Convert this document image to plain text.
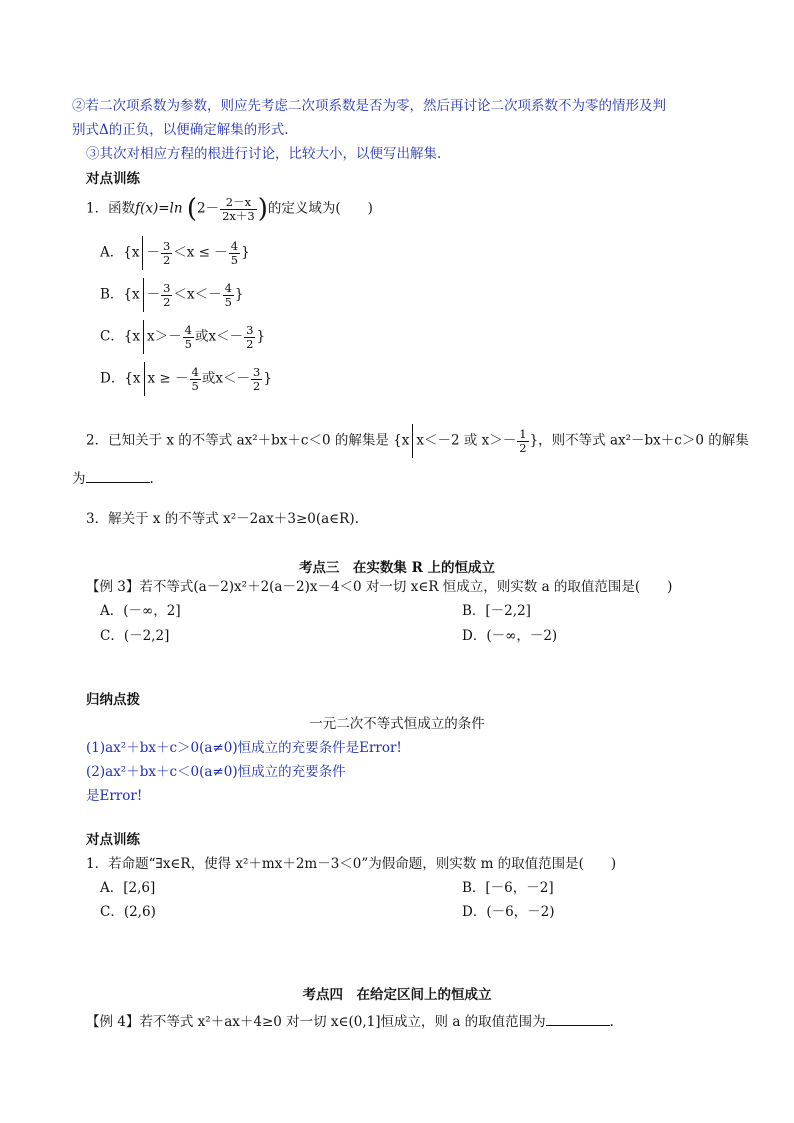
②若二次项系数为参数，则应先考虑二次项系数是否为零，然后再讨论二次项系数不为零的情形及判
别式Δ的正负，以便确定解集的形式.
③其次对相应方程的根进行讨论，比较大小，以便写出解集.
对点训练
1．函数f(x)=ln ($2- \frac{2-x}{2x+3}$ )的定义域为(　　)
A．{$x - \frac{3}{2} <x$ ≤ － $\frac{4}{5}$ }
B．{$x - \frac{3}{2} <x<- \frac{4}{5}$ }
C．{x $x>- \frac{4}{5}$ 或$x<- \frac{3}{2}$ }
D．{x x ≥ － $\frac{4}{5}$ 或$x<- \frac{3}{2}$ }
2．已知关于 x 的不等式 ax²＋bx＋c＜0 的解集是 {x x＜－2 或 $x>- \frac{1}{2}$ }，则不等式 ax²－bx＋c＞0 的解集
为	.
3．解关于 x 的不等式 x²－2ax＋3≥0(a∈R).
考点三　在实数集 R 上的恒成立
【例 3】若不等式(a－2)x²＋2(a－2)x－4＜0 对一切 x∈R 恒成立，则实数 a 的取值范围是(　　)
A．(－∞，2]	B．[－2,2]
C．(－2,2]	D．(－∞，－2)
归纳点拨
一元二次不等式恒成立的条件
(1)ax²＋bx＋c＞0(a≠0)恒成立的充要条件是Error!
(2)ax²＋bx＋c＜0(a≠0)恒成立的充要条件
是Error!
对点训练
1．若命题“∃x∈R，使得 x²＋mx＋2m－3＜0”为假命题，则实数 m 的取值范围是(　　)
A．[2,6]	B．[－6，－2]
C．(2,6)	D．(－6，－2)
考点四　在给定区间上的恒成立
【例 4】若不等式 x²＋ax＋4≥0 对一切 x∈(0,1]恒成立，则 a 的取值范围为	.
